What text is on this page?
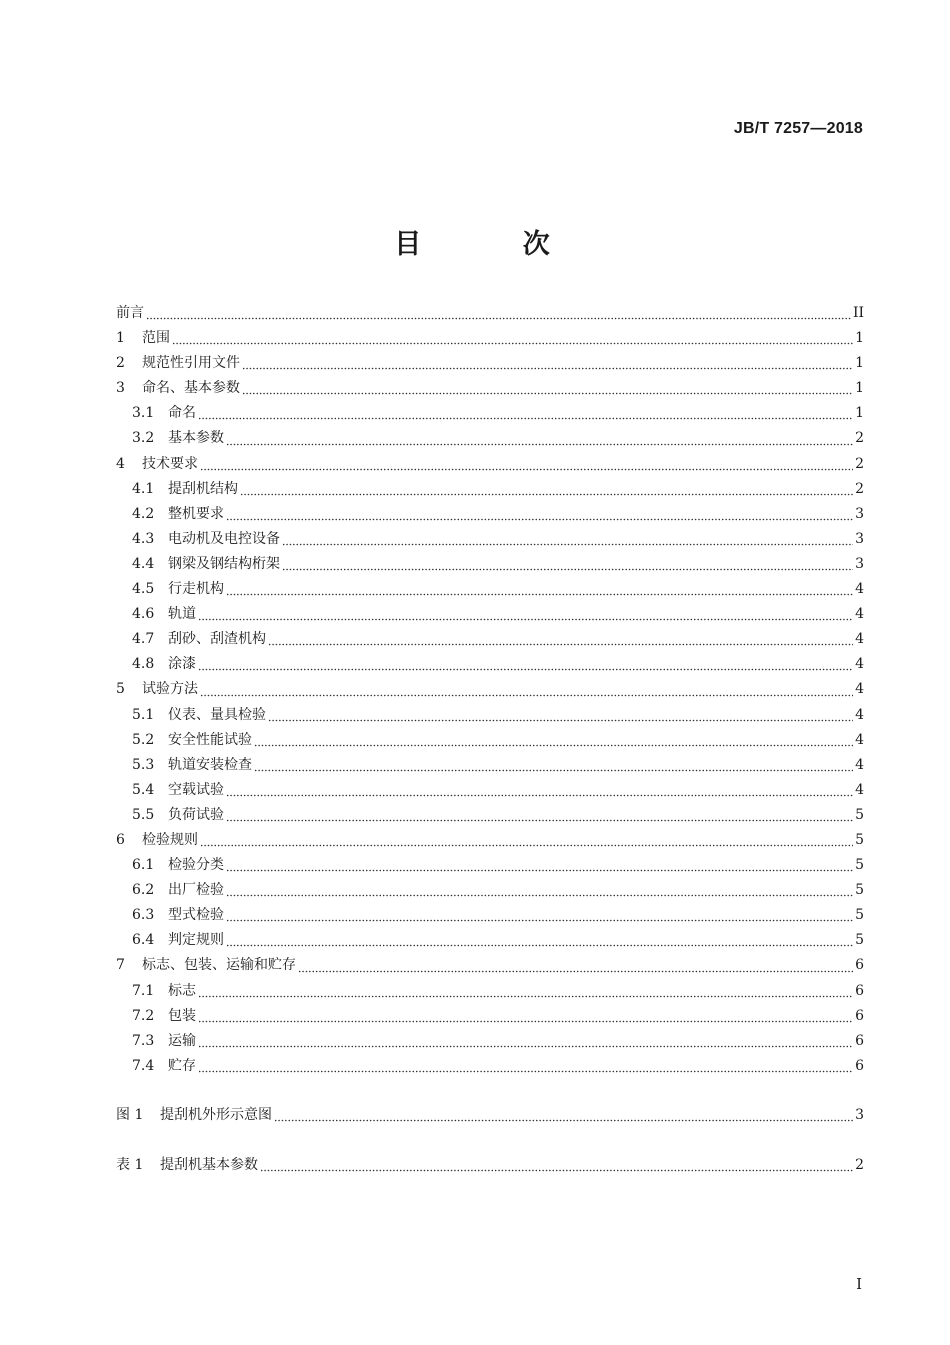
JB/T 7257—2018
目 次
前言	II
1	范围	1
2	规范性引用文件	1
3	命名、基本参数	1
3.1 命名	1
3.2 基本参数	2
4	技术要求	2
4.1 提刮机结构	2
4.2 整机要求	3
4.3 电动机及电控设备	3
4.4 钢梁及钢结构桁架	3
4.5 行走机构	4
4.6 轨道	4
4.7 刮砂、刮渣机构	4
4.8 涂漆	4
5	试验方法	4
5.1 仪表、量具检验	4
5.2 安全性能试验	4
5.3 轨道安装检查	4
5.4 空载试验	4
5.5 负荷试验	5
6	检验规则	5
6.1 检验分类	5
6.2 出厂检验	5
6.3 型式检验	5
6.4 判定规则	5
7	标志、包装、运输和贮存	6
7.1 标志	6
7.2 包装	6
7.3 运输	6
7.4 贮存	6
图 1	提刮机外形示意图	3
表 1	提刮机基本参数	2
I
